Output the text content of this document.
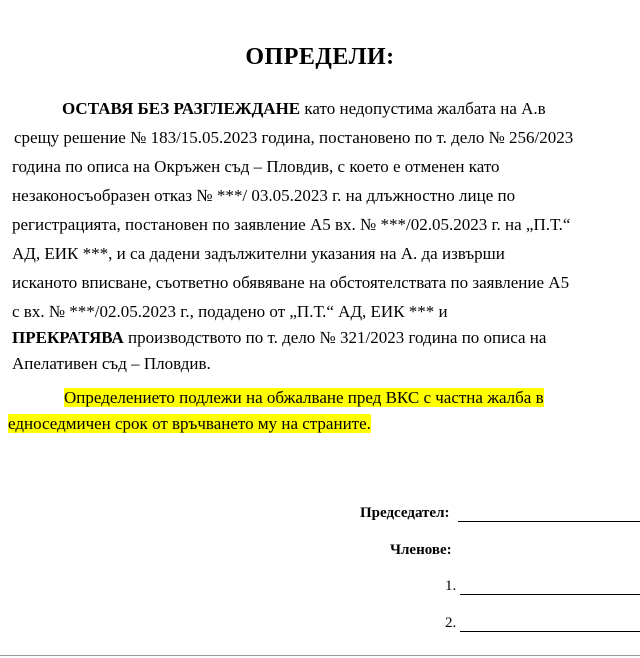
ОПРЕДЕЛИ:
ОСТАВЯ БЕЗ РАЗГЛЕЖДАНЕ като недопустима жалбата на А.в
срещу решение № 183/15.05.2023 година, постановено по т. дело № 256/2023
година по описа на Окръжен съд – Пловдив, с което е отменен като
незаконосъобразен отказ № ***/ 03.05.2023 г. на длъжностно лице по
регистрацията, постановен по заявление А5 вх. № ***/02.05.2023 г. на „П.Т.“
АД, ЕИК ***, и са дадени задължителни указания на А. да извърши
исканото вписване, съответно обявяване на обстоятелствата по заявление А5
с вх. № ***/02.05.2023 г., подадено от „П.Т.“ АД, ЕИК *** и
ПРЕКРАТЯВА производството по т. дело № 321/2023 година по описа на
Апелативен съд – Пловдив.
Определението подлежи на обжалване пред ВКС с частна жалба в
едноседмичен срок от връчването му на страните.
Председател:
Членове:
1.
2.
